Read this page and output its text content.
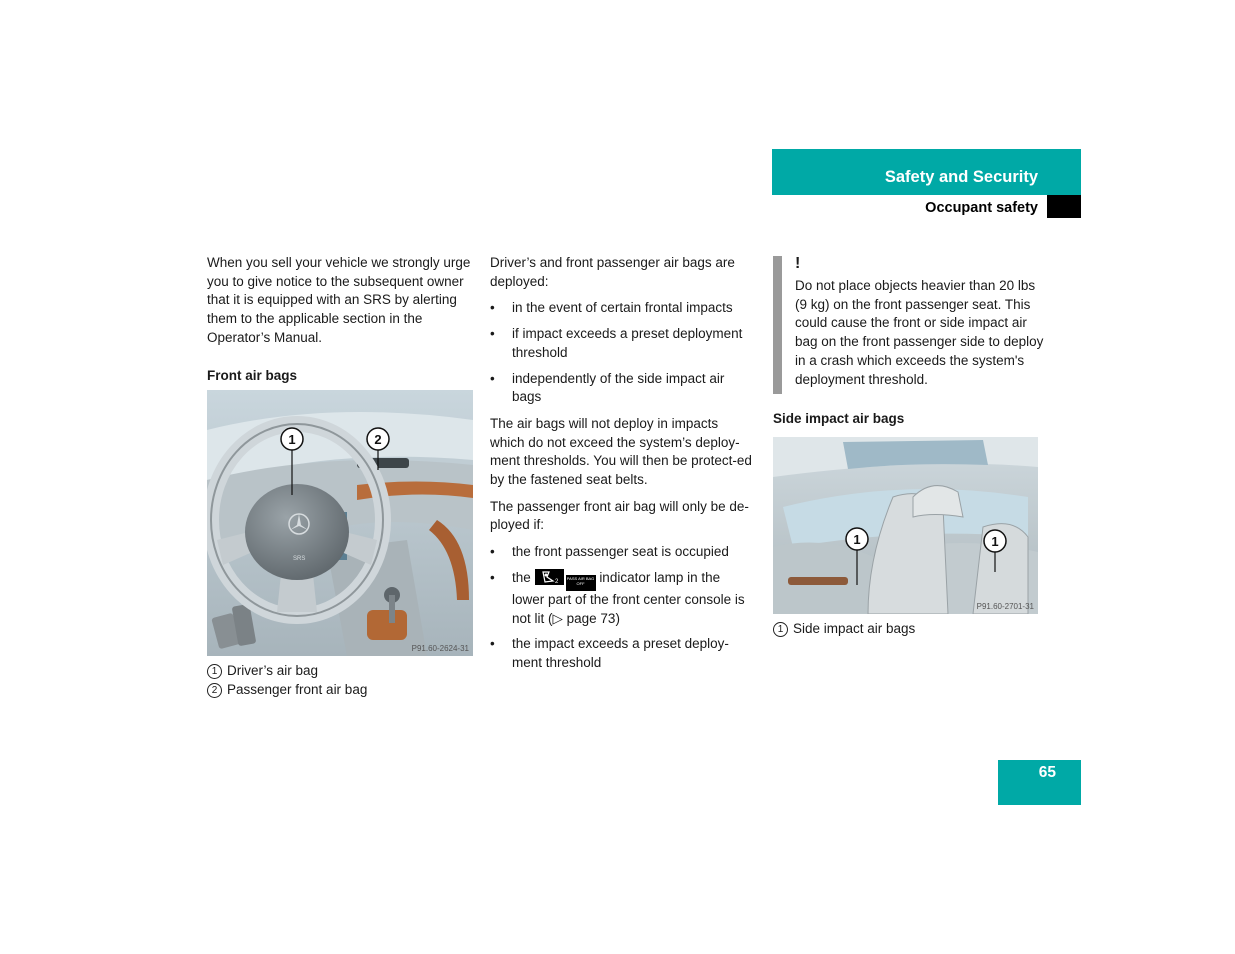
Safety and Security
Occupant safety

When you sell your vehicle we strongly urge you to give notice to the subsequent owner that it is equipped with an SRS by alerting them to the applicable section in the Operator’s Manual.

Front air bags

SRS
1	2
P91.60-2624-31
1 Driver’s air bag
2 Passenger front air bag

Driver’s and front passenger air bags are deployed:

• in the event of certain frontal impacts
• if impact exceeds a preset deployment threshold
• independently of the side impact air bags

The air bags will not deploy in impacts which do not exceed the system’s deploy-ment thresholds. You will then be protect-ed by the fastened seat belts.

The passenger front air bag will only be de-ployed if:

• the front passenger seat is occupied
• the	2
PASS AIR BAG OFF indicator lamp in the lower part of the front center console is not lit (▷ page 73)
• the impact exceeds a preset deploy-ment threshold
!

Do not place objects heavier than 20 lbs (9 kg) on the front passenger seat. This could cause the front or side impact air bag on the front passenger side to deploy in a crash which exceeds the system's deployment threshold.

Side impact air bags
1	1
P91.60-2701-31
1 Side impact air bags
65
